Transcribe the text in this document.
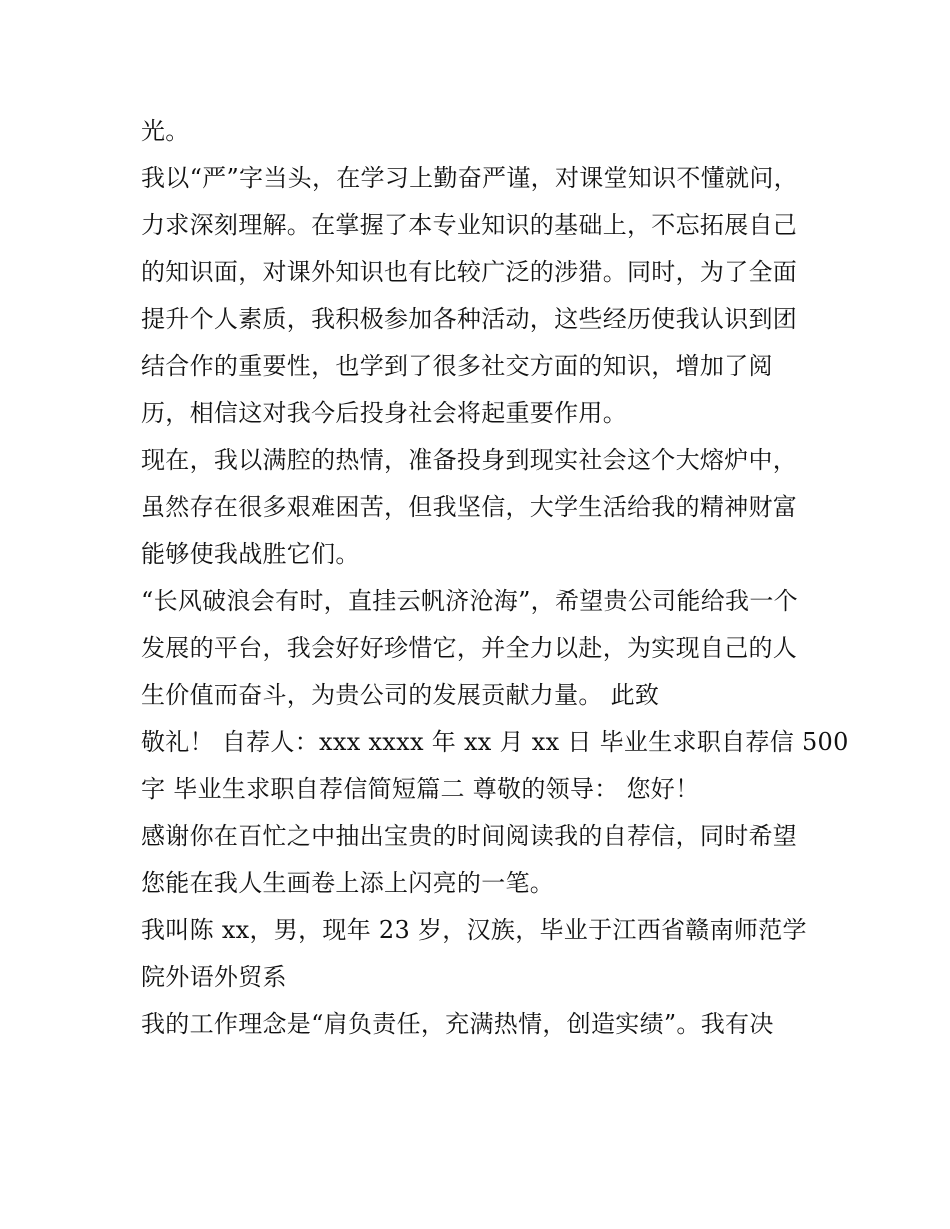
光。
我以“严”字当头，在学习上勤奋严谨，对课堂知识不懂就问，
力求深刻理解。在掌握了本专业知识的基础上，不忘拓展自己
的知识面，对课外知识也有比较广泛的涉猎。同时，为了全面
提升个人素质，我积极参加各种活动，这些经历使我认识到团
结合作的重要性，也学到了很多社交方面的知识，增加了阅
历，相信这对我今后投身社会将起重要作用。
现在，我以满腔的热情，准备投身到现实社会这个大熔炉中，
虽然存在很多艰难困苦，但我坚信，大学生活给我的精神财富
能够使我战胜它们。
“长风破浪会有时，直挂云帆济沧海”，希望贵公司能给我一个
发展的平台，我会好好珍惜它，并全力以赴，为实现自己的人
生价值而奋斗，为贵公司的发展贡献力量。 此致
敬礼！ 自荐人：xxx xxxx 年 xx 月 xx 日 毕业生求职自荐信 500
字 毕业生求职自荐信简短篇二 尊敬的领导： 您好！
感谢你在百忙之中抽出宝贵的时间阅读我的自荐信，同时希望
您能在我人生画卷上添上闪亮的一笔。
我叫陈 xx，男，现年 23 岁，汉族，毕业于江西省赣南师范学
院外语外贸系
我的工作理念是“肩负责任，充满热情，创造实绩”。我有决
